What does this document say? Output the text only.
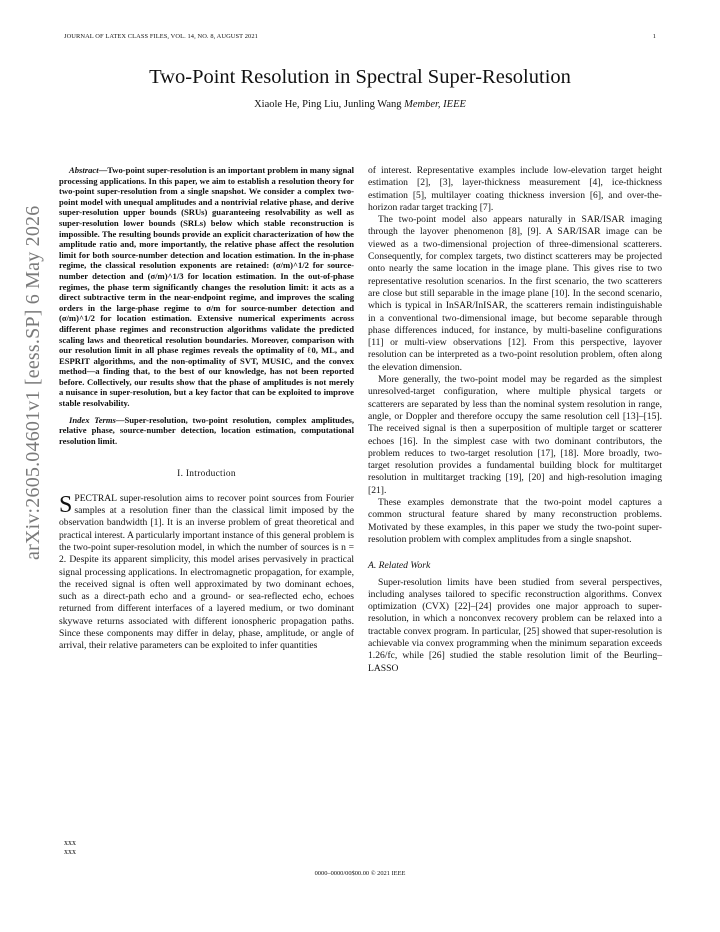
JOURNAL OF LATEX CLASS FILES, VOL. 14, NO. 8, AUGUST 2021	1
Two-Point Resolution in Spectral Super-Resolution
Xiaole He, Ping Liu, Junling Wang Member, IEEE
arXiv:2605.04601v1 [eess.SP] 6 May 2026

Abstract—Two-point super-resolution is an important problem in many signal processing applications. In this paper, we aim to establish a resolution theory for two-point super-resolution from a single snapshot. We consider a complex two-point model with unequal amplitudes and a nontrivial relative phase, and derive super-resolution upper bounds (SRUs) guaranteeing resolvability as well as super-resolution lower bounds (SRLs) below which stable reconstruction is impossible. The resulting bounds provide an explicit characterization of how the amplitude ratio and, more importantly, the relative phase affect the resolution limit for both source-number detection and location estimation. In the in-phase regime, the classical resolution exponents are retained: (σ/m)^1/2 for source-number detection and (σ/m)^1/3 for location estimation. In the out-of-phase regimes, the phase term significantly changes the resolution limit: it acts as a direct subtractive term in the near-endpoint regime, and improves the scaling orders in the large-phase regime to σ/m for source-number detection and (σ/m)^1/2 for location estimation. Extensive numerical experiments across different phase regimes and reconstruction algorithms validate the predicted scaling laws and theoretical resolution boundaries. Moreover, comparison with our resolution limit in all phase regimes reveals the optimality of ℓ0, ML, and ESPRIT algorithms, and the non-optimality of SVT, MUSIC, and the convex method—a finding that, to the best of our knowledge, has not been reported before. Collectively, our results show that the phase of amplitudes is not merely a nuisance in super-resolution, but a key factor that can be exploited to improve stable resolvability.

Index Terms—Super-resolution, two-point resolution, complex amplitudes, relative phase, source-number detection, location estimation, computational resolution limit.

I. Introduction

SPECTRAL super-resolution aims to recover point sources from Fourier samples at a resolution finer than the classical limit imposed by the observation bandwidth [1]. It is an inverse problem of great theoretical and practical interest. A particularly important instance of this general problem is the two-point super-resolution model, in which the number of sources is n = 2. Despite its apparent simplicity, this model arises pervasively in practical signal processing applications. In electromagnetic propagation, for example, the received signal is often well approximated by two dominant echoes, such as a direct-path echo and a ground- or sea-reflected echo, echoes returned from different interfaces of a layered medium, or two dominant skywave returns associated with different ionospheric propagation paths. Since these components may differ in delay, phase, amplitude, or angle of arrival, their relative parameters can be exploited to infer quantities

of interest. Representative examples include low-elevation target height estimation [2], [3], layer-thickness measurement [4], ice-thickness estimation [5], multilayer coating thickness inversion [6], and over-the-horizon radar target tracking [7].

The two-point model also appears naturally in SAR/ISAR imaging through the layover phenomenon [8], [9]. A SAR/ISAR image can be viewed as a two-dimensional projection of three-dimensional scatterers. Consequently, for complex targets, two distinct scatterers may be projected onto nearly the same location in the image plane. This gives rise to two representative resolution scenarios. In the first scenario, the two scatterers are close but still separable in the image plane [10]. In the second scenario, which is typical in InSAR/InISAR, the scatterers remain indistinguishable in a conventional two-dimensional image, but become separable through phase differences induced, for instance, by multi-baseline configurations [11] or multi-view observations [12]. From this perspective, layover resolution can be interpreted as a two-point resolution problem, often along the elevation dimension.

More generally, the two-point model may be regarded as the simplest unresolved-target configuration, where multiple physical targets or scatterers are separated by less than the nominal system resolution in range, angle, or Doppler and therefore occupy the same resolution cell [13]–[15]. The received signal is then a superposition of multiple target or scatterer echoes [16]. In the simplest case with two dominant contributors, the problem reduces to two-target resolution [17], [18]. More broadly, two-target resolution provides a fundamental building block for multitarget resolution in multitarget tracking [19], [20] and high-resolution imaging [21].

These examples demonstrate that the two-point model captures a common structural feature shared by many reconstruction problems. Motivated by these examples, in this paper we study the two-point super-resolution problem with complex amplitudes from a single snapshot.

A. Related Work

Super-resolution limits have been studied from several perspectives, including analyses tailored to specific reconstruction algorithms. Convex optimization (CVX) [22]–[24] provides one major approach to super-resolution, in which a nonconvex recovery problem can be relaxed into a tractable convex program. In particular, [25] showed that super-resolution is achievable via convex programming when the minimum separation exceeds 1.26/fc, while [26] studied the stable resolution limit of the Beurling–LASSO

xxx
xxx
0000–0000/00$00.00 © 2021 IEEE
